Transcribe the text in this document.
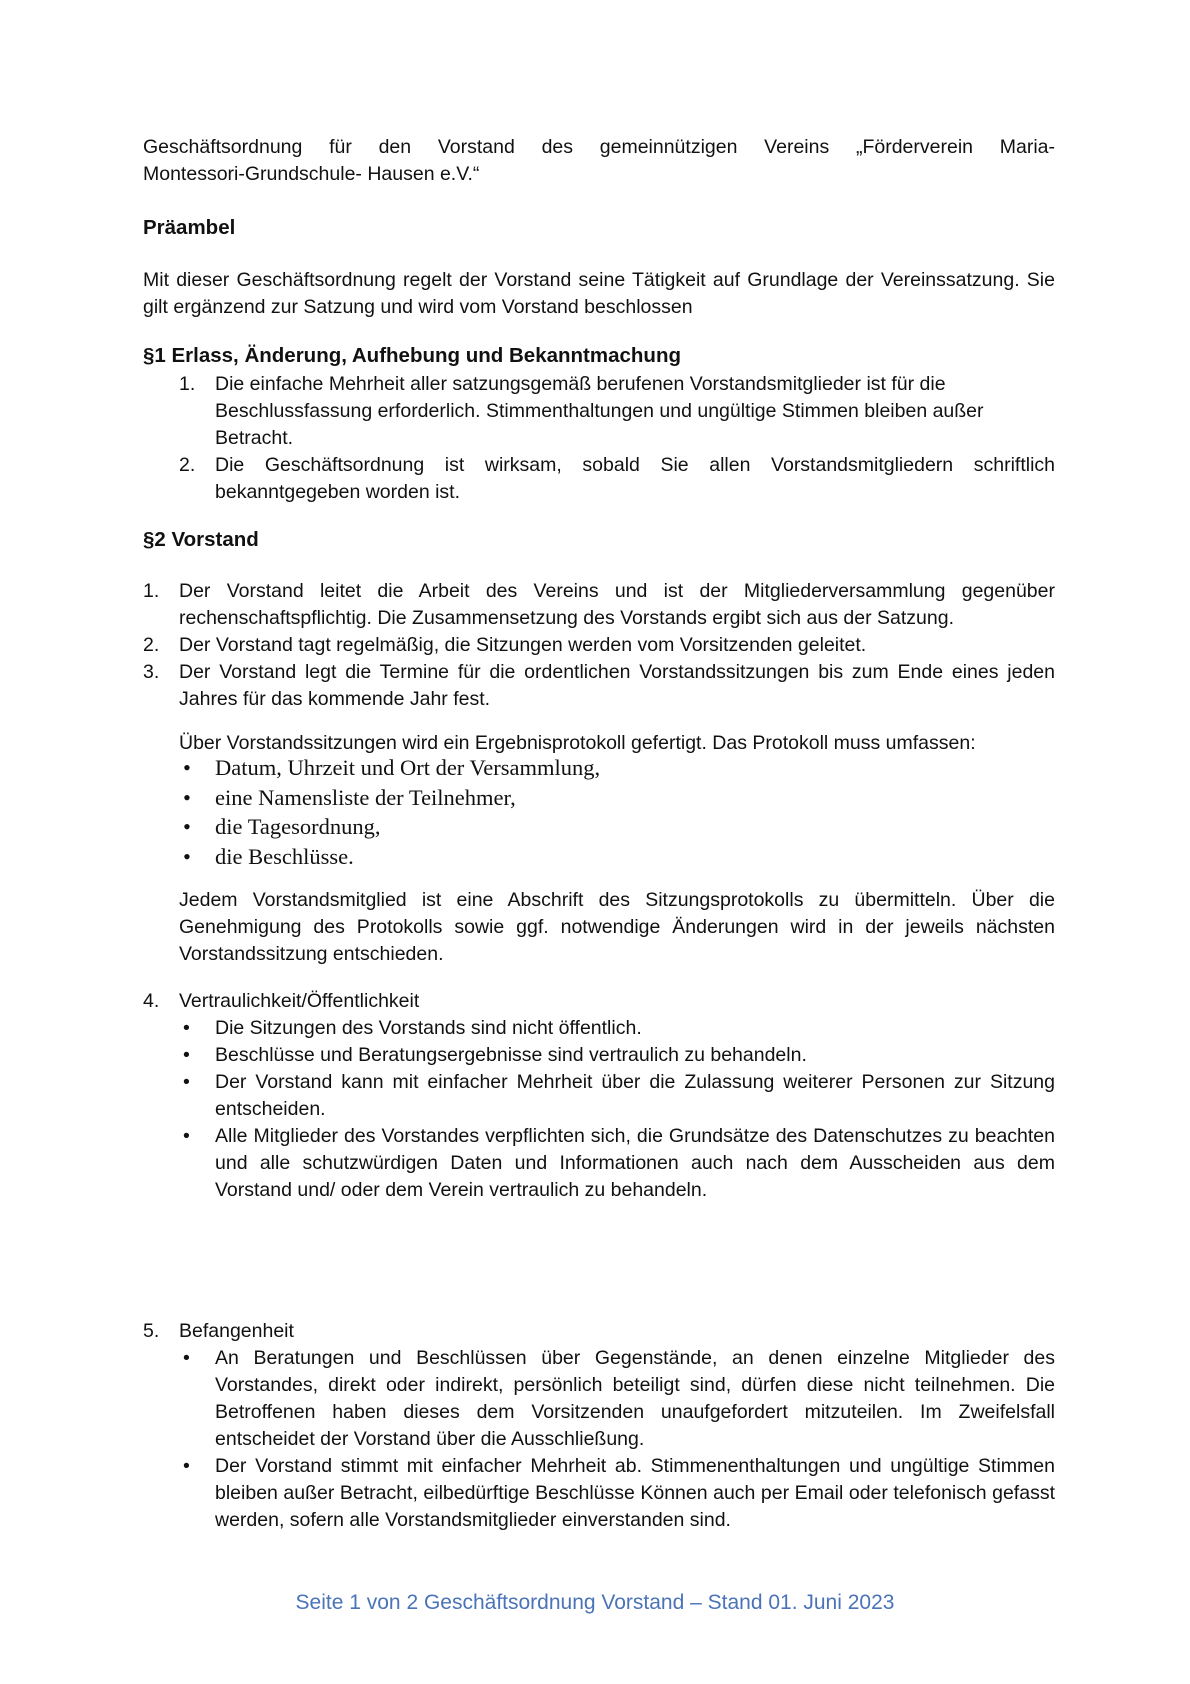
Geschäftsordnung für den Vorstand des gemeinnützigen Vereins „Förderverein Maria-

Montessori-Grundschule- Hausen e.V.“

Präambel

Mit dieser Geschäftsordnung regelt der Vorstand seine Tätigkeit auf Grundlage der Vereinssatzung. Sie gilt ergänzend zur Satzung und wird vom Vorstand beschlossen

§1 Erlass, Änderung, Aufhebung und Bekanntmachung
1. Die einfache Mehrheit aller satzungsgemäß berufenen Vorstandsmitglieder ist für die Beschlussfassung erforderlich. Stimmenthaltungen und ungültige Stimmen bleiben außer Betracht.
2. Die Geschäftsordnung ist wirksam, sobald Sie allen Vorstandsmitgliedern schriftlich bekanntgegeben worden ist.
§2 Vorstand
1. Der Vorstand leitet die Arbeit des Vereins und ist der Mitgliederversammlung gegenüber rechenschaftspflichtig. Die Zusammensetzung des Vorstands ergibt sich aus der Satzung.
2. Der Vorstand tagt regelmäßig, die Sitzungen werden vom Vorsitzenden geleitet.
3. Der Vorstand legt die Termine für die ordentlichen Vorstandssitzungen bis zum Ende eines jeden Jahres für das kommende Jahr fest.

Über Vorstandssitzungen wird ein Ergebnisprotokoll gefertigt. Das Protokoll muss umfassen:

• Datum, Uhrzeit und Ort der Versammlung,
• eine Namensliste der Teilnehmer,
• die Tagesordnung,
• die Beschlüsse.

Jedem Vorstandsmitglied ist eine Abschrift des Sitzungsprotokolls zu übermitteln. Über die Genehmigung des Protokolls sowie ggf. notwendige Änderungen wird in der jeweils nächsten Vorstandssitzung entschieden.

4. Vertraulichkeit/Öffentlichkeit
• Die Sitzungen des Vorstands sind nicht öffentlich.
• Beschlüsse und Beratungsergebnisse sind vertraulich zu behandeln.
• Der Vorstand kann mit einfacher Mehrheit über die Zulassung weiterer Personen zur Sitzung entscheiden.
• Alle Mitglieder des Vorstandes verpflichten sich, die Grundsätze des Datenschutzes zu beachten und alle schutzwürdigen Daten und Informationen auch nach dem Ausscheiden aus dem Vorstand und/ oder dem Verein vertraulich zu behandeln.
5. Befangenheit
• An Beratungen und Beschlüssen über Gegenstände, an denen einzelne Mitglieder des Vorstandes, direkt oder indirekt, persönlich beteiligt sind, dürfen diese nicht teilnehmen. Die Betroffenen haben dieses dem Vorsitzenden unaufgefordert mitzuteilen. Im Zweifelsfall entscheidet der Vorstand über die Ausschließung.
• Der Vorstand stimmt mit einfacher Mehrheit ab. Stimmenenthaltungen und ungültige Stimmen bleiben außer Betracht, eilbedürftige Beschlüsse Können auch per Email oder telefonisch gefasst werden, sofern alle Vorstandsmitglieder einverstanden sind.
Seite 1 von 2 Geschäftsordnung Vorstand – Stand 01. Juni 2023
